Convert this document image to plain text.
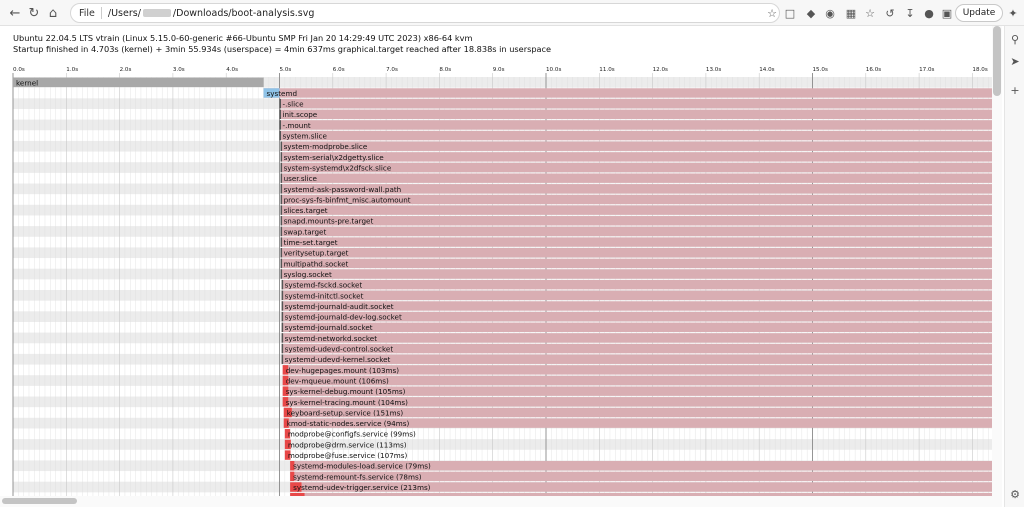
← ↻ ⌂	File /Users/	/Downloads/boot-analysis.svg	☆ □	◆ ◉ ▦ ☆ ↺ ↧ ● ▣	Update	✦
Ubuntu 22.04.5 LTS vtrain (Linux 5.15.0-60-generic #66-Ubuntu SMP Fri Jan 20 14:29:49 UTC 2023) x86-64 kvm
Startup finished in 4.703s (kernel) + 3min 55.934s (userspace) = 4min 637ms graphical.target reached after 18.838s in userspace
0.0s	1.0s	2.0s	3.0s	4.0s	5.0s	6.0s	7.0s	8.0s	9.0s	10.0s	11.0s	12.0s	13.0s	14.0s	15.0s	16.0s	17.0s	18.0s
kernel
systemd
-.slice
init.scope
-.mount
system.slice
system-modprobe.slice
system-serial\x2dgetty.slice
system-systemd\x2dfsck.slice
user.slice
systemd-ask-password-wall.path
proc-sys-fs-binfmt_misc.automount
slices.target
snapd.mounts-pre.target
swap.target
time-set.target
veritysetup.target
multipathd.socket
syslog.socket
systemd-fsckd.socket
systemd-initctl.socket
systemd-journald-audit.socket
systemd-journald-dev-log.socket
systemd-journald.socket
systemd-networkd.socket
systemd-udevd-control.socket
systemd-udevd-kernel.socket
dev-hugepages.mount (103ms)
dev-mqueue.mount (106ms)
sys-kernel-debug.mount (105ms)
sys-kernel-tracing.mount (104ms)
keyboard-setup.service (151ms)
kmod-static-nodes.service (94ms)
modprobe@configfs.service (99ms)
modprobe@drm.service (113ms)
modprobe@fuse.service (107ms)
systemd-modules-load.service (79ms)
systemd-remount-fs.service (78ms)
systemd-udev-trigger.service (213ms)
⚲
➤
+
⚙
